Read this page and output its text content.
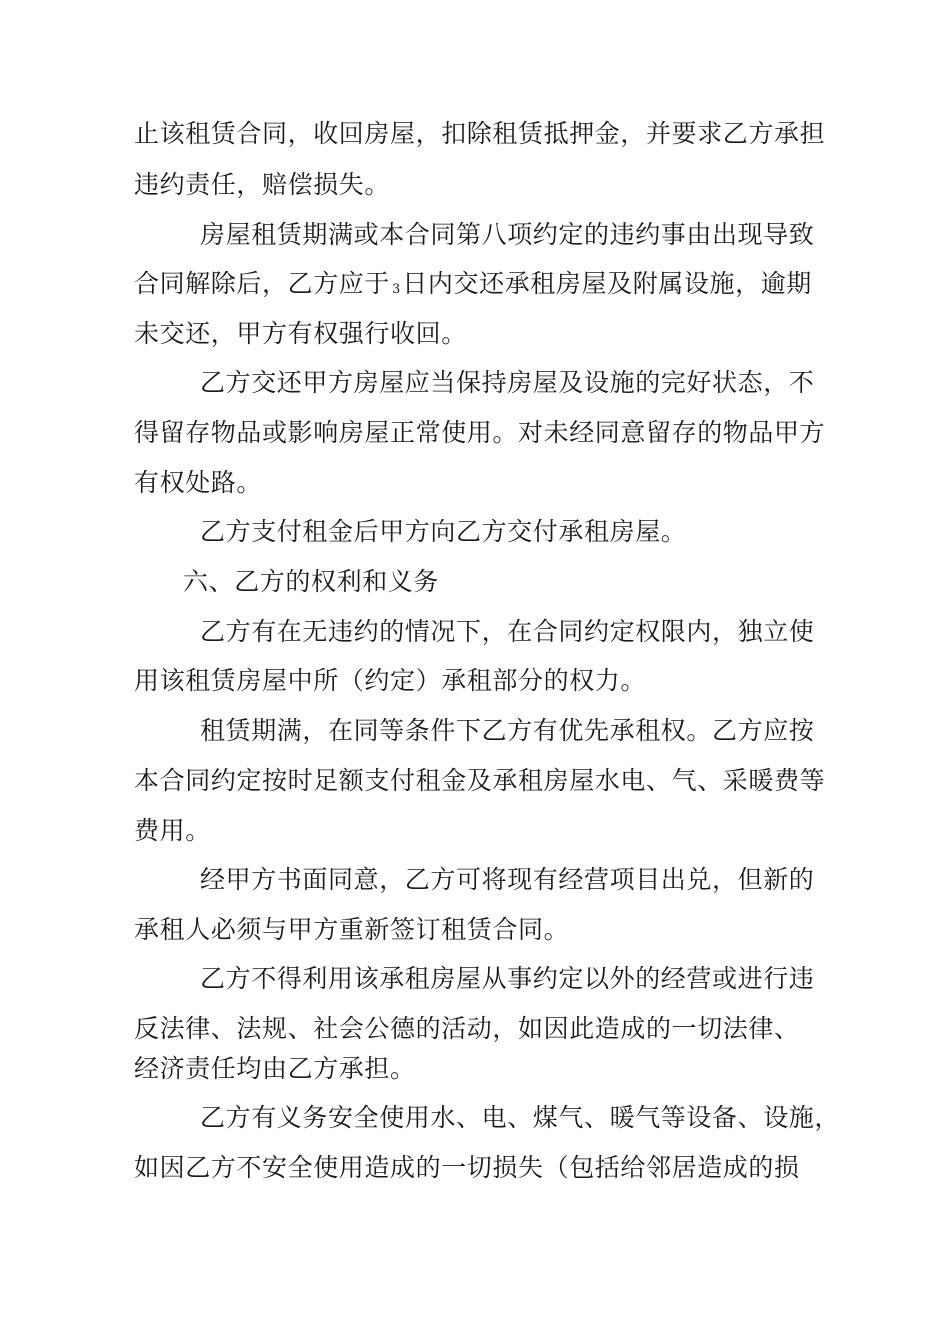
止该租赁合同，收回房屋，扣除租赁抵押金，并要求乙方承担
违约责任，赔偿损失。
房屋租赁期满或本合同第八项约定的违约事由出现导致
合同解除后，乙方应于 3日内交还承租房屋及附属设施，逾期
未交还，甲方有权强行收回。
乙方交还甲方房屋应当保持房屋及设施的完好状态，不
得留存物品或影响房屋正常使用。对未经同意留存的物品甲方
有权处路。
乙方支付租金后甲方向乙方交付承租房屋。
六、乙方的权利和义务
乙方有在无违约的情况下，在合同约定权限内，独立使
用该租赁房屋中所（约定）承租部分的权力。
租赁期满，在同等条件下乙方有优先承租权。乙方应按
本合同约定按时足额支付租金及承租房屋水电、气、采暖费等
费用。
经甲方书面同意，乙方可将现有经营项目出兑，但新的
承租人必须与甲方重新签订租赁合同。
乙方不得利用该承租房屋从事约定以外的经营或进行违
反法律、法规、社会公德的活动，如因此造成的一切法律、
经济责任均由乙方承担。
乙方有义务安全使用水、电、煤气、暖气等设备、设施，
如因乙方不安全使用造成的一切损失（包括给邻居造成的损
